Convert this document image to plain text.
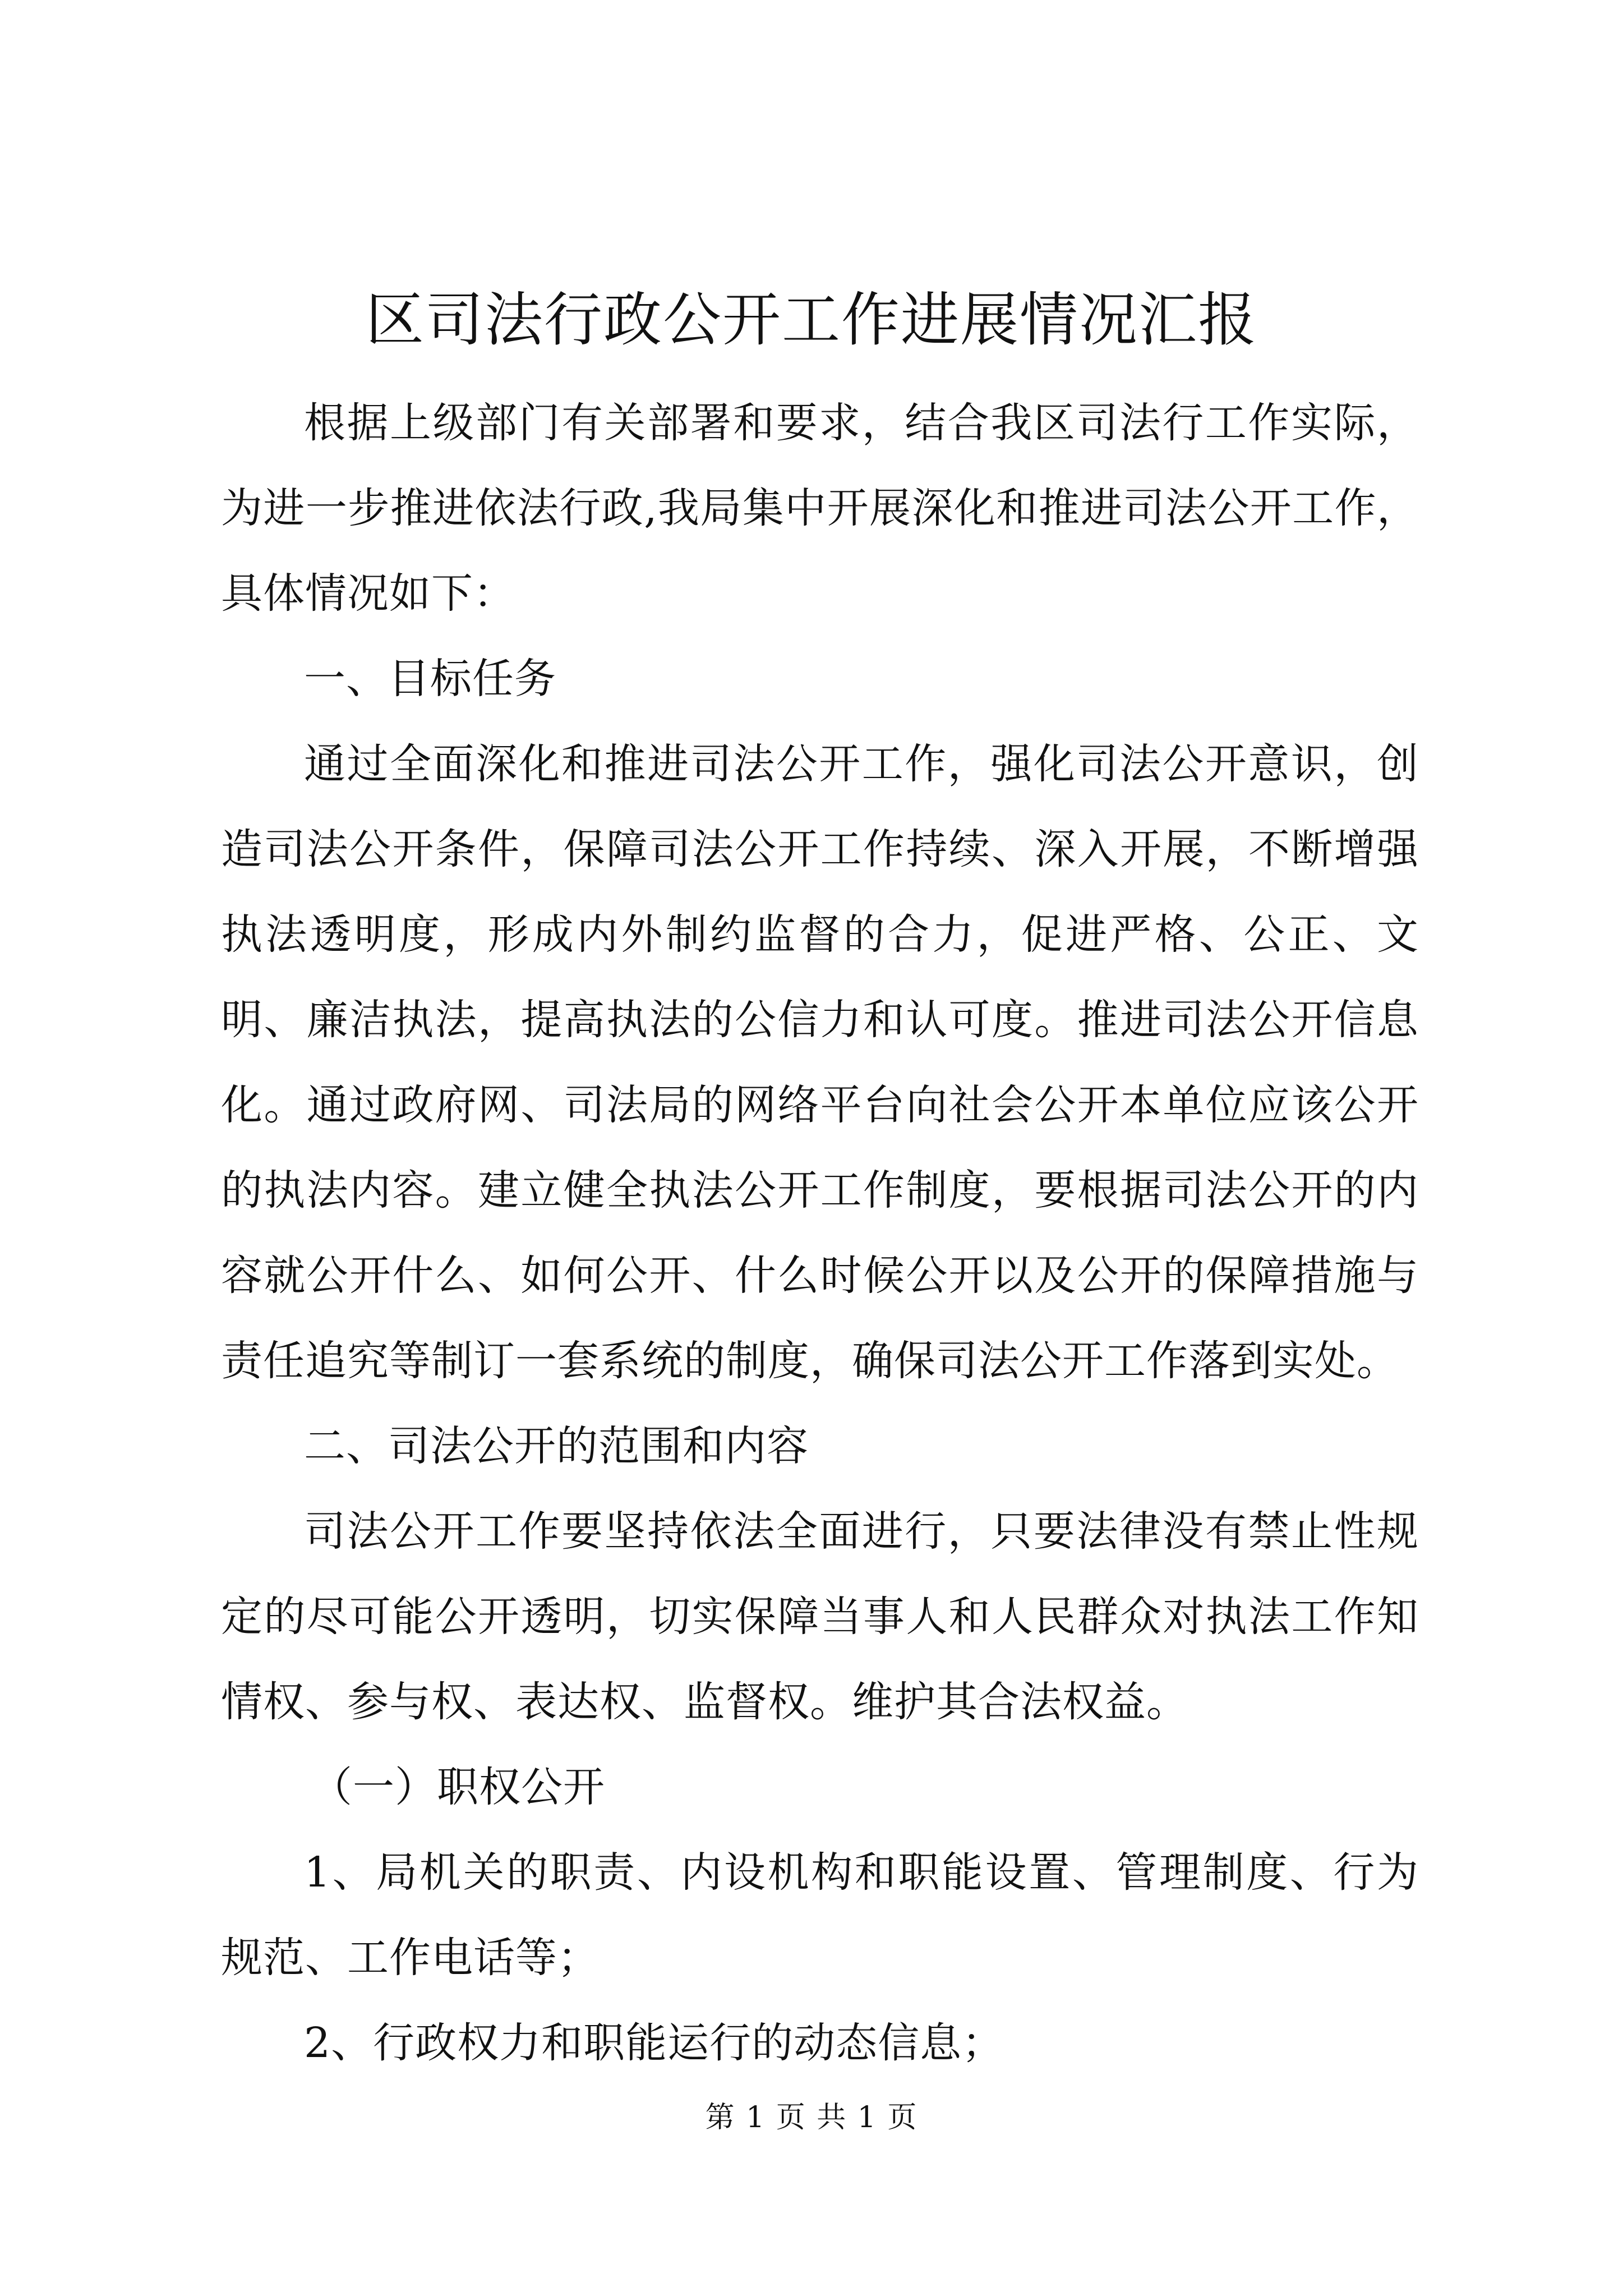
区司法行政公开工作进展情况汇报

根据上级部门有关部署和要求，结合我区司法行工作实际，为进一步推进依法行政,我局集中开展深化和推进司法公开工作，具体情况如下：

一、目标任务

通过全面深化和推进司法公开工作，强化司法公开意识，创造司法公开条件，保障司法公开工作持续、深入开展，不断增强执法透明度，形成内外制约监督的合力，促进严格、公正、文明、廉洁执法，提高执法的公信力和认可度。推进司法公开信息化。通过政府网、司法局的网络平台向社会公开本单位应该公开的执法内容。建立健全执法公开工作制度，要根据司法公开的内容就公开什么、如何公开、什么时候公开以及公开的保障措施与责任追究等制订一套系统的制度，确保司法公开工作落到实处。

二、司法公开的范围和内容

司法公开工作要坚持依法全面进行，只要法律没有禁止性规定的尽可能公开透明，切实保障当事人和人民群众对执法工作知情权、参与权、表达权、监督权。维护其合法权益。

（一）职权公开

1、局机关的职责、内设机构和职能设置、管理制度、行为规范、工作电话等；

2、行政权力和职能运行的动态信息；

第 1 页 共 1 页
